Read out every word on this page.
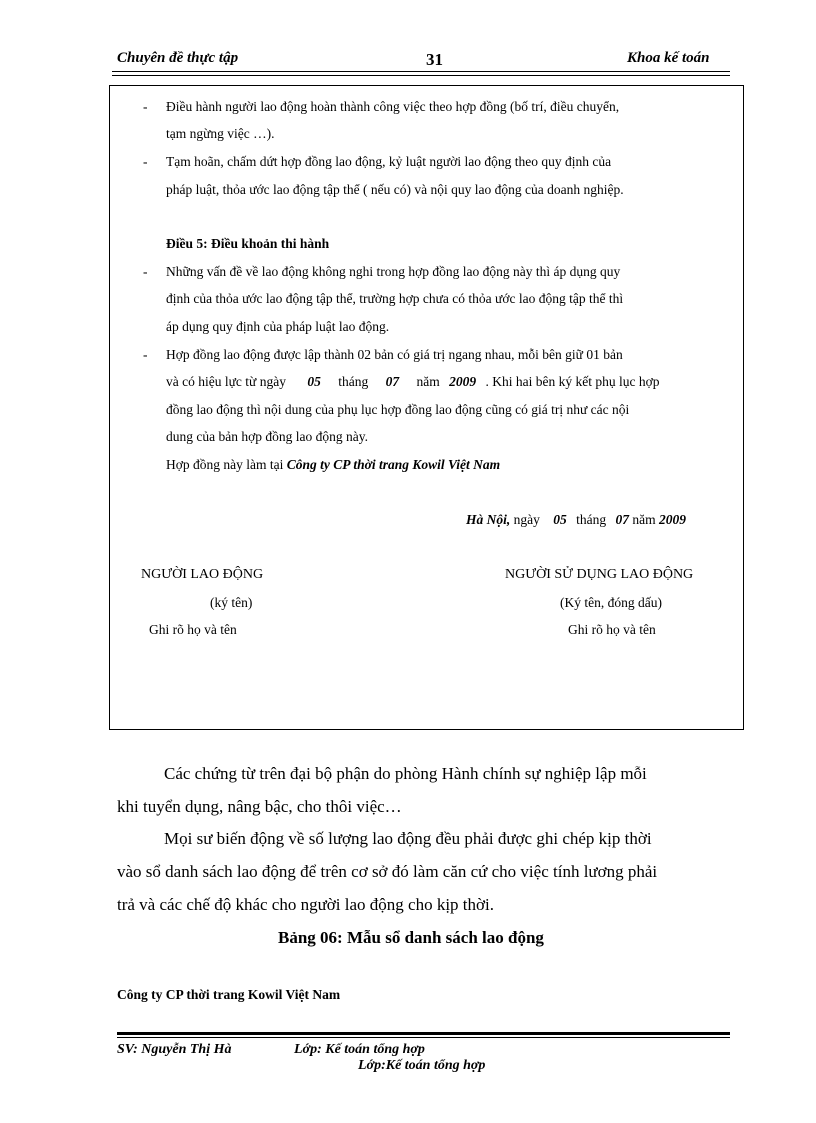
Chuyên đề thực tập	31	Khoa kế toán
- Điều hành người lao động hoàn thành công việc theo hợp đồng (bố trí, điều chuyển,
tạm ngừng việc …).
- Tạm hoãn, chấm dứt hợp đồng lao động, kỷ luật người lao động theo quy định của
pháp luật, thỏa ước lao động tập thể ( nếu có) và nội quy lao động của doanh nghiệp.
Điều 5: Điều khoản thi hành
- Những vấn đề về lao động không nghi trong hợp đồng lao động này thì áp dụng quy
định của thỏa ước lao động tập thể, trường hợp chưa có thỏa ước lao động tập thể thì
áp dụng quy định của pháp luật lao động.
- Hợp đồng lao động được lập thành 02 bản có giá trị ngang nhau, mỗi bên giữ 01 bản
và có hiệu lực từ ngày 05 tháng 07 năm 2009 . Khi hai bên ký kết phụ lục hợp
đồng lao động thì nội dung của phụ lục hợp đồng lao động cũng có giá trị như các nội
dung của bản hợp đồng lao động này.
Hợp đồng này làm tại Công ty CP thời trang Kowil Việt Nam
Hà Nội, ngày 05 tháng 07 năm 2009
NGƯỜI LAO ĐỘNG
(ký tên)
Ghi rõ họ và tên
NGƯỜI SỬ DỤNG LAO ĐỘNG
(Ký tên, đóng dấu)
Ghi rõ họ và tên
Các chứng từ trên đại bộ phận do phòng Hành chính sự nghiệp lập mỗi
khi tuyển dụng, nâng bậc, cho thôi việc…
Mọi sư biến động về số lượng lao động đều phải được ghi chép kịp thời
vào sổ danh sách lao động để trên cơ sở đó làm căn cứ cho việc tính lương phải
trả và các chế độ khác cho người lao động cho kịp thời.
Bảng 06: Mẫu sổ danh sách lao động
Công ty CP thời trang Kowil Việt Nam
SV: Nguyễn Thị Hà	Lớp: Kế toán tổng hợp
Lớp:Kế toán tổng hợp
